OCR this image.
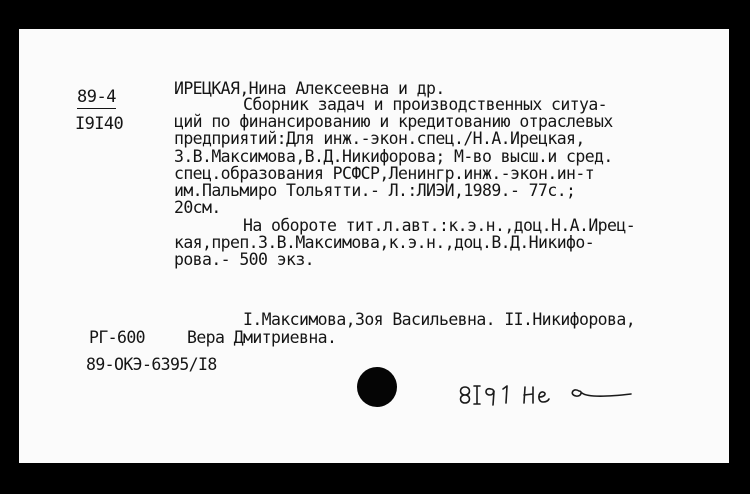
89-4
I9I40
ИРЕЦКАЯ,Нина Алексеевна и др.
Сборник задач и производственных ситуа-
ций по финансированию и кредитованию отраслевых
предприятий:Для инж.-экон.спец./Н.А.Ирецкая,
З.В.Максимова,В.Д.Никифорова; М-во высш.и сред.
спец.образования РСФСР,Ленингр.инж.-экон.ин-т
им.Пальмиро Тольятти.- Л.:ЛИЭИ,1989.- 77с.;
20см.
На обороте тит.л.авт.:к.э.н.,доц.Н.А.Ирец-
кая,преп.З.В.Максимова,к.э.н.,доц.В.Д.Никифо-
рова.- 500 экз.
I.Максимова,Зоя Васильевна. II.Никифорова,
РГ-600	Вера Дмитриевна.
89-ОКЭ-6395/I8
